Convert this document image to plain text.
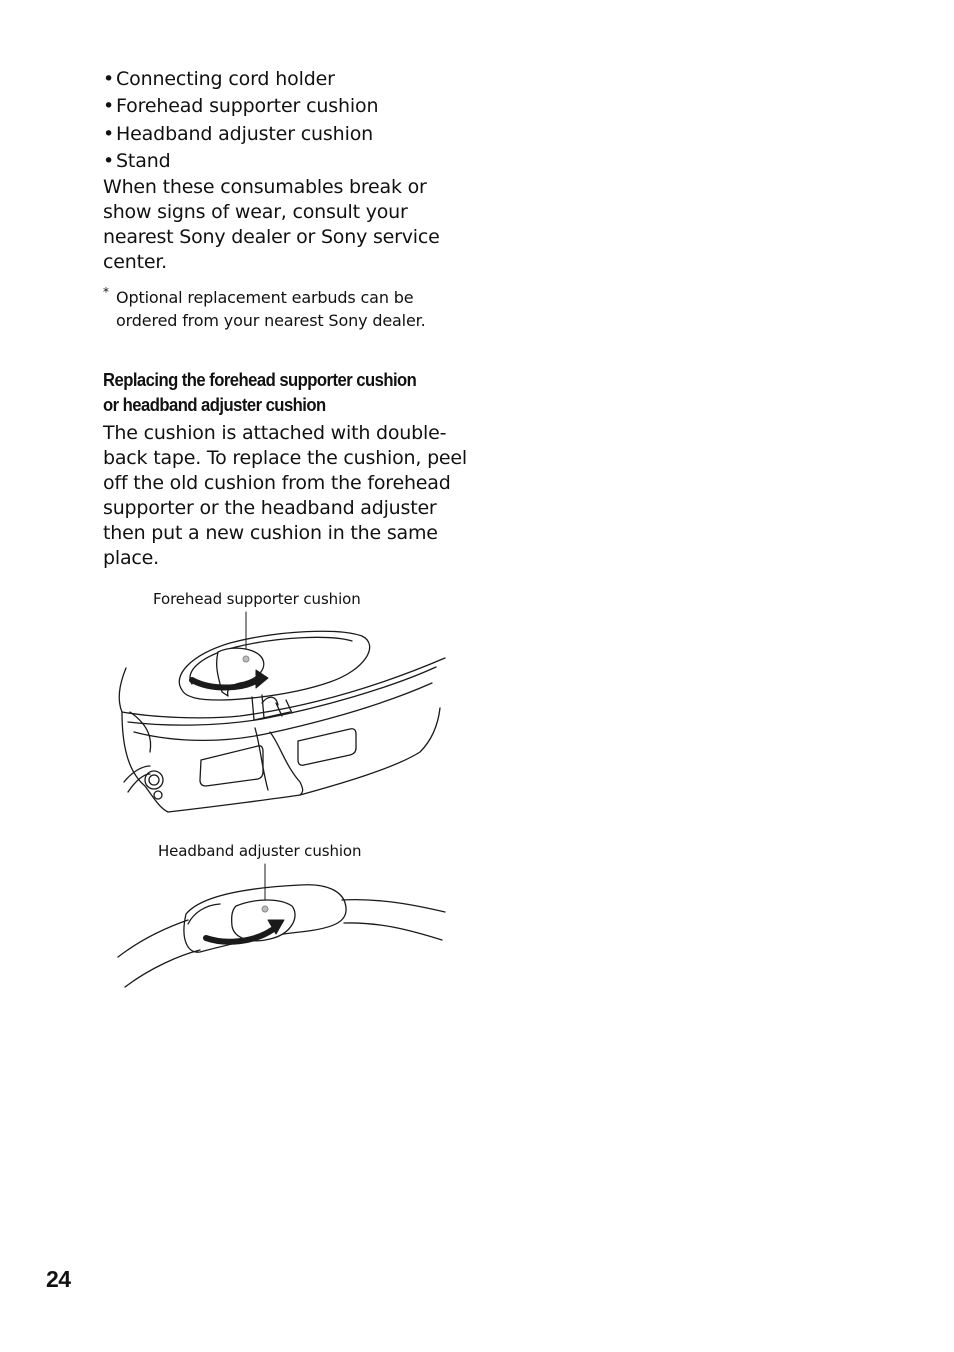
• Connecting cord holder
• Forehead supporter cushion
• Headband adjuster cushion
• Stand

When these consumables break or show signs of wear, consult your nearest Sony dealer or Sony service center.

* Optional replacement earbuds can be ordered from your nearest Sony dealer.

Replacing the forehead supporter cushion
or headband adjuster cushion

The cushion is attached with double-back tape. To replace the cushion, peel off the old cushion from the forehead supporter or the headband adjuster then put a new cushion in the same place.

Forehead supporter cushion
Headband adjuster cushion
24
